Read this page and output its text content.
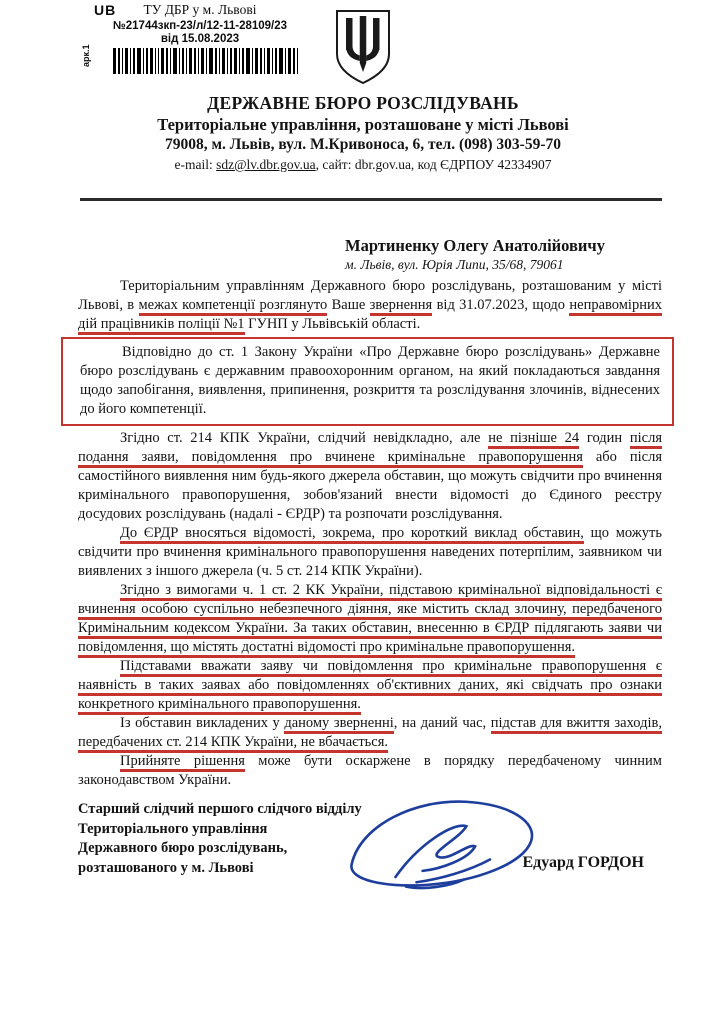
UB ТУ ДБР у м. Львові
№21744зкп-23/л/12-11-28109/23
від 15.08.2023
арк.1
ДЕРЖАВНЕ БЮРО РОЗСЛІДУВАНЬ
Територіальне управління, розташоване у місті Львові
79008, м. Львів, вул. М.Кривоноса, 6, тел. (098) 303-59-70
e-mail: sdz@lv.dbr.gov.ua, сайт: dbr.gov.ua, код ЄДРПОУ 42334907
Мартиненку Олегу Анатолійовичу
м. Львів, вул. Юрія Липи, 35/68, 79061

Територіальним управлінням Державного бюро розслідувань, розташованим у місті Львові, в межах компетенції розглянуто Ваше звернення від 31.07.2023, щодо неправомірних дій працівників поліції №1 ГУНП у Львівській області.

Відповідно до ст. 1 Закону України «Про Державне бюро розслідувань» Державне бюро розслідувань є державним правоохоронним органом, на який покладаються завдання щодо запобігання, виявлення, припинення, розкриття та розслідування злочинів, віднесених до його компетенції.

Згідно ст. 214 КПК України, слідчий невідкладно, але не пізніше 24 годин після подання заяви, повідомлення про вчинене кримінальне правопорушення або після самостійного виявлення ним будь-якого джерела обставин, що можуть свідчити про вчинення кримінального правопорушення, зобов'язаний внести відомості до Єдиного реєстру досудових розслідувань (надалі - ЄРДР) та розпочати розслідування.

До ЄРДР вносяться відомості, зокрема, про короткий виклад обставин, що можуть свідчити про вчинення кримінального правопорушення наведених потерпілим, заявником чи виявлених з іншого джерела (ч. 5 ст. 214 КПК України).

Згідно з вимогами ч. 1 ст. 2 КК України, підставою кримінальної відповідальності є вчинення особою суспільно небезпечного діяння, яке містить склад злочину, передбаченого Кримінальним кодексом України. За таких обставин, внесенню в ЄРДР підлягають заяви чи повідомлення, що містять достатні відомості про кримінальне правопорушення.

Підставами вважати заяву чи повідомлення про кримінальне правопорушення є наявність в таких заявах або повідомленнях об'єктивних даних, які свідчать про ознаки конкретного кримінального правопорушення.

Із обставин викладених у даному зверненні, на даний час, підстав для вжиття заходів, передбачених ст. 214 КПК України, не вбачається.

Прийняте рішення може бути оскаржене в порядку передбаченому чинним законодавством України.

Старший слідчий першого слідчого відділу
Територіального управління
Державного бюро розслідувань,
розташованого у м. Львові	Едуард ГОРДОН
